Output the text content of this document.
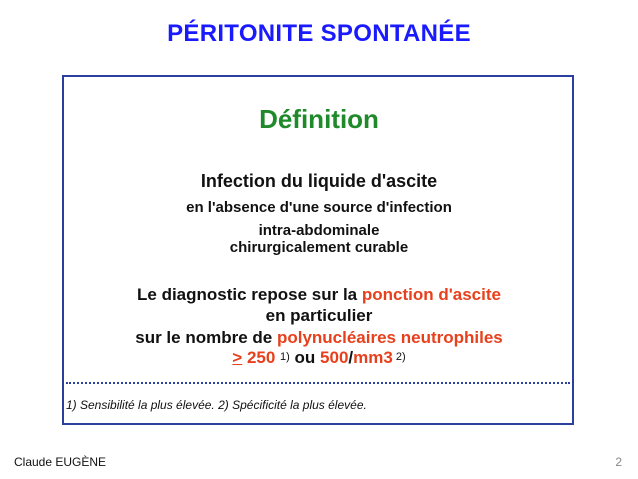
PÉRITONITE SPONTANÉE
Définition
Infection du liquide d'ascite
en l'absence d'une source d'infection
intra-abdominale
chirurgicalement curable
Le diagnostic repose sur la ponction d'ascite
en particulier
sur le nombre de polynucléaires neutrophiles
> 250 1) ou 500/mm3 2)
1) Sensibilité la plus élevée. 2) Spécificité la plus élevée.
Claude EUGÈNE	2
